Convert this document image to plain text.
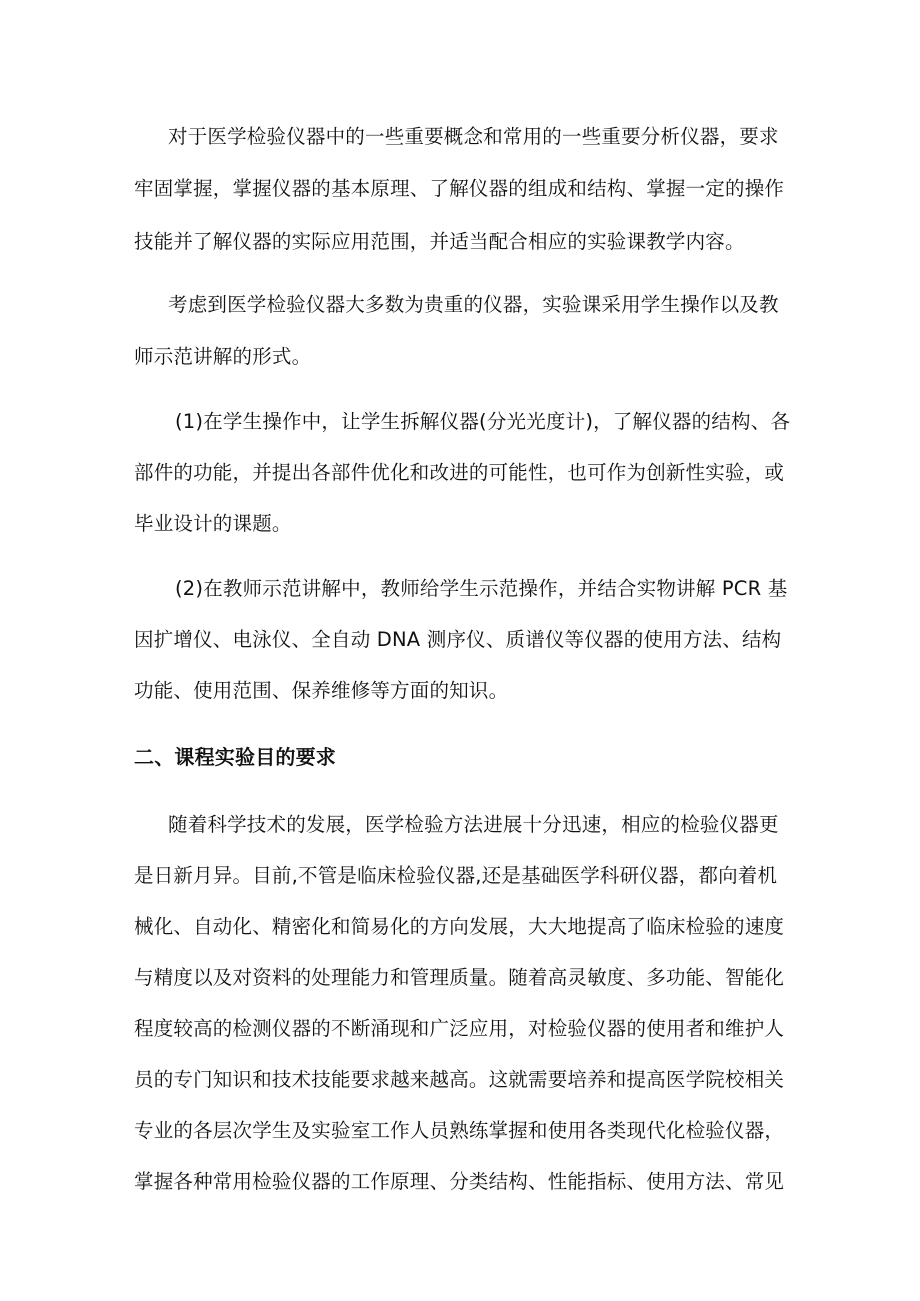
对于医学检验仪器中的一些重要概念和常用的一些重要分析仪器，要求
牢固掌握，掌握仪器的基本原理、了解仪器的组成和结构、掌握一定的操作
技能并了解仪器的实际应用范围，并适当配合相应的实验课教学内容。
考虑到医学检验仪器大多数为贵重的仪器，实验课采用学生操作以及教
师示范讲解的形式。
(1)在学生操作中，让学生拆解仪器(分光光度计)，了解仪器的结构、各
部件的功能，并提出各部件优化和改进的可能性，也可作为创新性实验，或
毕业设计的课题。
(2)在教师示范讲解中，教师给学生示范操作，并结合实物讲解 PCR 基
因扩增仪、电泳仪、全自动 DNA 测序仪、质谱仪等仪器的使用方法、结构
功能、使用范围、保养维修等方面的知识。
二、课程实验目的要求
随着科学技术的发展，医学检验方法进展十分迅速，相应的检验仪器更
是日新月异。目前,不管是临床检验仪器,还是基础医学科研仪器，都向着机
械化、自动化、精密化和简易化的方向发展，大大地提高了临床检验的速度
与精度以及对资料的处理能力和管理质量。随着高灵敏度、多功能、智能化
程度较高的检测仪器的不断涌现和广泛应用，对检验仪器的使用者和维护人
员的专门知识和技术技能要求越来越高。这就需要培养和提高医学院校相关
专业的各层次学生及实验室工作人员熟练掌握和使用各类现代化检验仪器，
掌握各种常用检验仪器的工作原理、分类结构、性能指标、使用方法、常见
